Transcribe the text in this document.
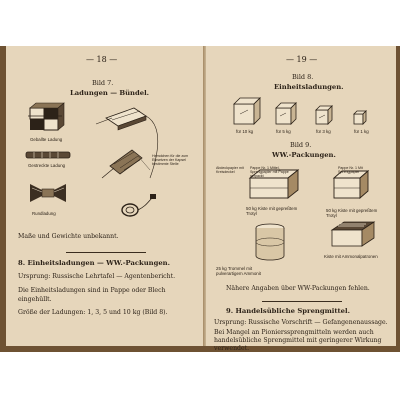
— 18 —
Bild 7.
Ladungen — Bündel.
Geballte Ladung
Gestreckte Ladung
Rundladung
Hemdchen für die zum Einsetzen der Kapsel bestimmte Stelle
Maße und Gewichte unbekannt.
8. Einheitsladungen — WW.-Packungen.
Ursprung: Russische Lehrtafel — Agentenbericht.
Die Einheitsladungen sind in Pappe oder Blech
eingehüllt.
Größe der Ladungen: 1, 3, 5 und 10 kg (Bild 8).
— 19 —
Bild 8.
Einheitsladungen.
für 10 kg	für 5 kg	für 3 kg	für 1 kg
Bild 9.
WW.-Packungen.
Abdeckpapier mit Kreisdeckel
Pappe Nr. 1 Mittel, Sprengpapier mit Pappe verpackt
Pappe Nr. 1 Mit Sprengpapier
50 kg Kiste mit gepreßtem Trotyl
50 kg Kiste mit gepreßtem Trotyl
25 kg Trommel mit pulverartigem Ammonit
Kiste mit Ammonalpatronen
Nähere Angaben über WW-Packungen fehlen.
9. Handelsübliche Sprengmittel.
Ursprung: Russische Vorschrift — Gefangenenaussage.
Bei Mangel an Pionierssprengmitteln werden auch
handelsübliche Sprengmittel mit geringerer Wirkung
verwendet.
